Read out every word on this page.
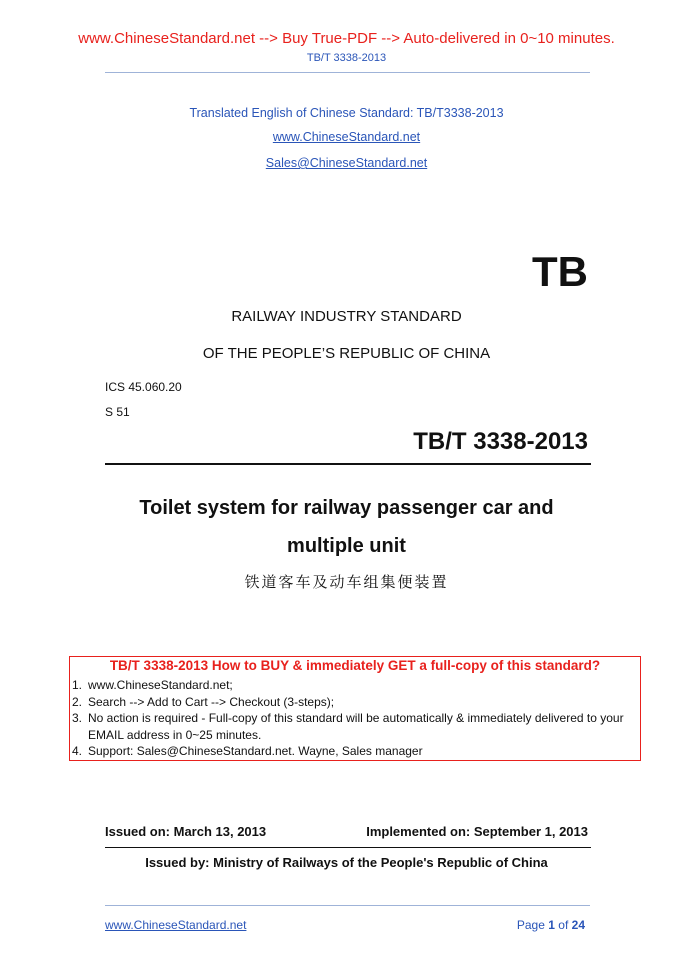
www.ChineseStandard.net --> Buy True-PDF --> Auto-delivered in 0~10 minutes.
TB/T 3338-2013
Translated English of Chinese Standard: TB/T3338-2013
www.ChineseStandard.net
Sales@ChineseStandard.net
TB
RAILWAY INDUSTRY STANDARD
OF THE PEOPLE’S REPUBLIC OF CHINA
ICS 45.060.20
S 51
TB/T 3338-2013
Toilet system for railway passenger car and
multiple unit
铁道客车及动车组集便装置
TB/T 3338-2013 How to BUY & immediately GET a full-copy of this standard?
1. www.ChineseStandard.net;
2. Search --> Add to Cart --> Checkout (3-steps);
3. No action is required - Full-copy of this standard will be automatically & immediately delivered to your EMAIL address in 0~25 minutes.
4. Support: Sales@ChineseStandard.net. Wayne, Sales manager
Issued on: March 13, 2013	Implemented on: September 1, 2013
Issued by: Ministry of Railways of the People's Republic of China
www.ChineseStandard.net	Page 1 of 24
